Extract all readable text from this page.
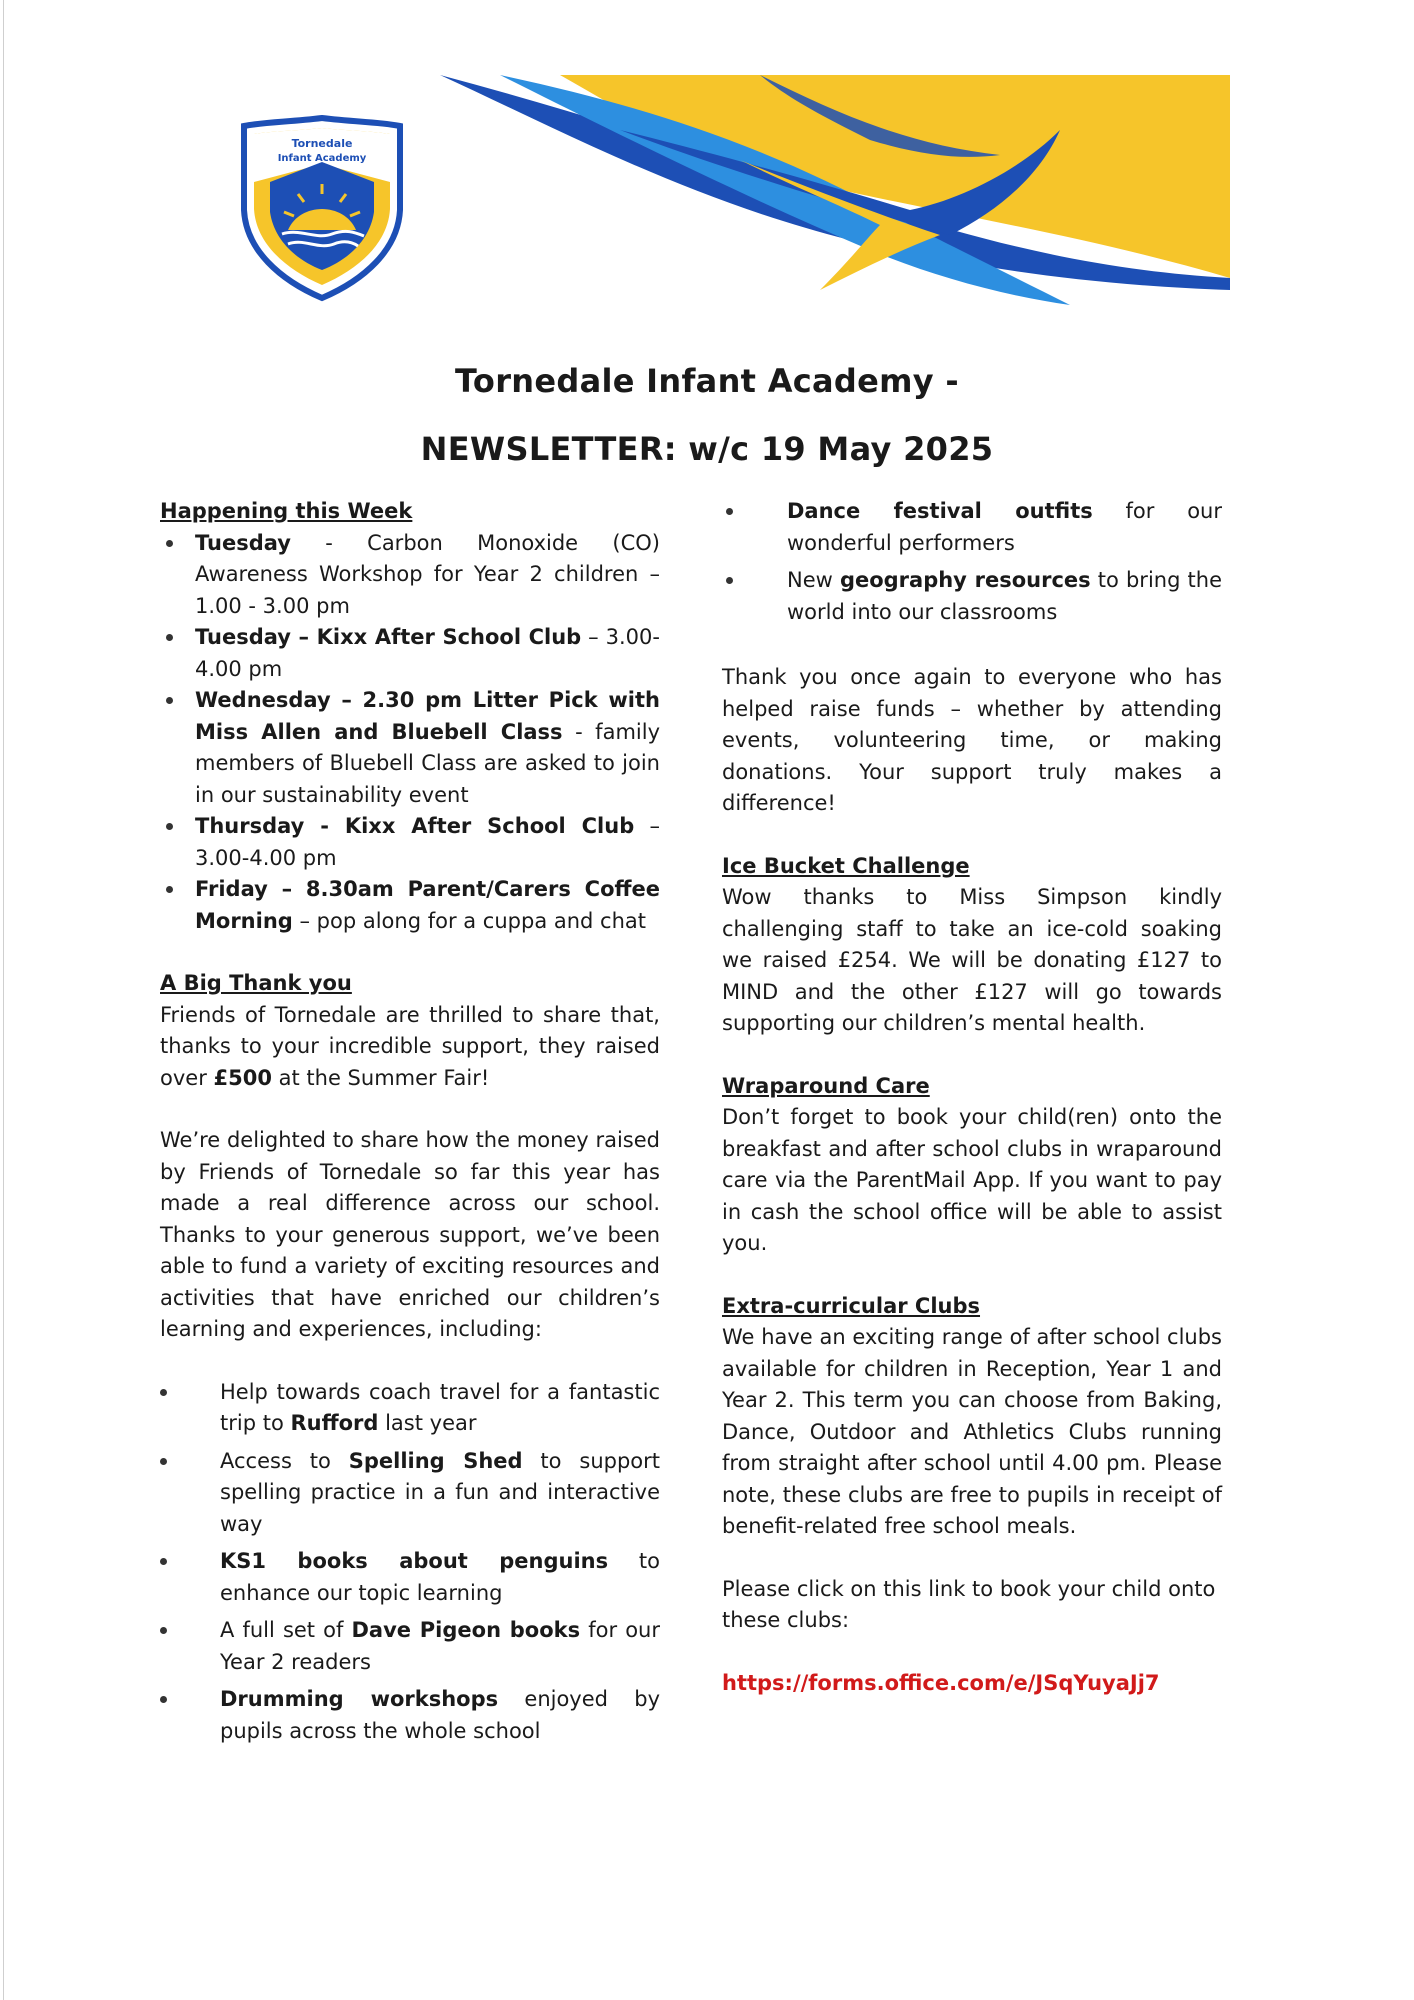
Tornedale
Infant Academy
Tornedale Infant Academy -
NEWSLETTER: w/c 19 May 2025
Happening this Week
Tuesday - Carbon Monoxide (CO) Awareness Workshop for Year 2 children – 1.00 - 3.00 pm
Tuesday – Kixx After School Club – 3.00-4.00 pm
Wednesday – 2.30 pm Litter Pick with Miss Allen and Bluebell Class - family members of Bluebell Class are asked to join in our sustainability event
Thursday - Kixx After School Club – 3.00-4.00 pm
Friday – 8.30am Parent/Carers Coffee Morning – pop along for a cuppa and chat
A Big Thank you

Friends of Tornedale are thrilled to share that, thanks to your incredible support, they raised over £500 at the Summer Fair!

We’re delighted to share how the money raised by Friends of Tornedale so far this year has made a real difference across our school. Thanks to your generous support, we’ve been able to fund a variety of exciting resources and activities that have enriched our children’s learning and experiences, including:

Help towards coach travel for a fantastic trip to Rufford last year
Access to Spelling Shed to support spelling practice in a fun and interactive way
KS1 books about penguins to enhance our topic learning
A full set of Dave Pigeon books for our Year 2 readers
Drumming workshops enjoyed by pupils across the whole school
Dance festival outfits for our wonderful performers
New geography resources to bring the world into our classrooms

Thank you once again to everyone who has helped raise funds – whether by attending events, volunteering time, or making donations. Your support truly makes a difference!

Ice Bucket Challenge

Wow thanks to Miss Simpson kindly challenging staff to take an ice-cold soaking we raised £254. We will be donating £127 to MIND and the other £127 will go towards supporting our children’s mental health.

Wraparound Care

Don’t forget to book your child(ren) onto the breakfast and after school clubs in wraparound care via the ParentMail App. If you want to pay in cash the school office will be able to assist you.

Extra-curricular Clubs

We have an exciting range of after school clubs available for children in Reception, Year 1 and Year 2. This term you can choose from Baking, Dance, Outdoor and Athletics Clubs running from straight after school until 4.00 pm. Please note, these clubs are free to pupils in receipt of benefit-related free school meals.

Please click on this link to book your child onto these clubs:

https://forms.office.com/e/JSqYuyaJj7
